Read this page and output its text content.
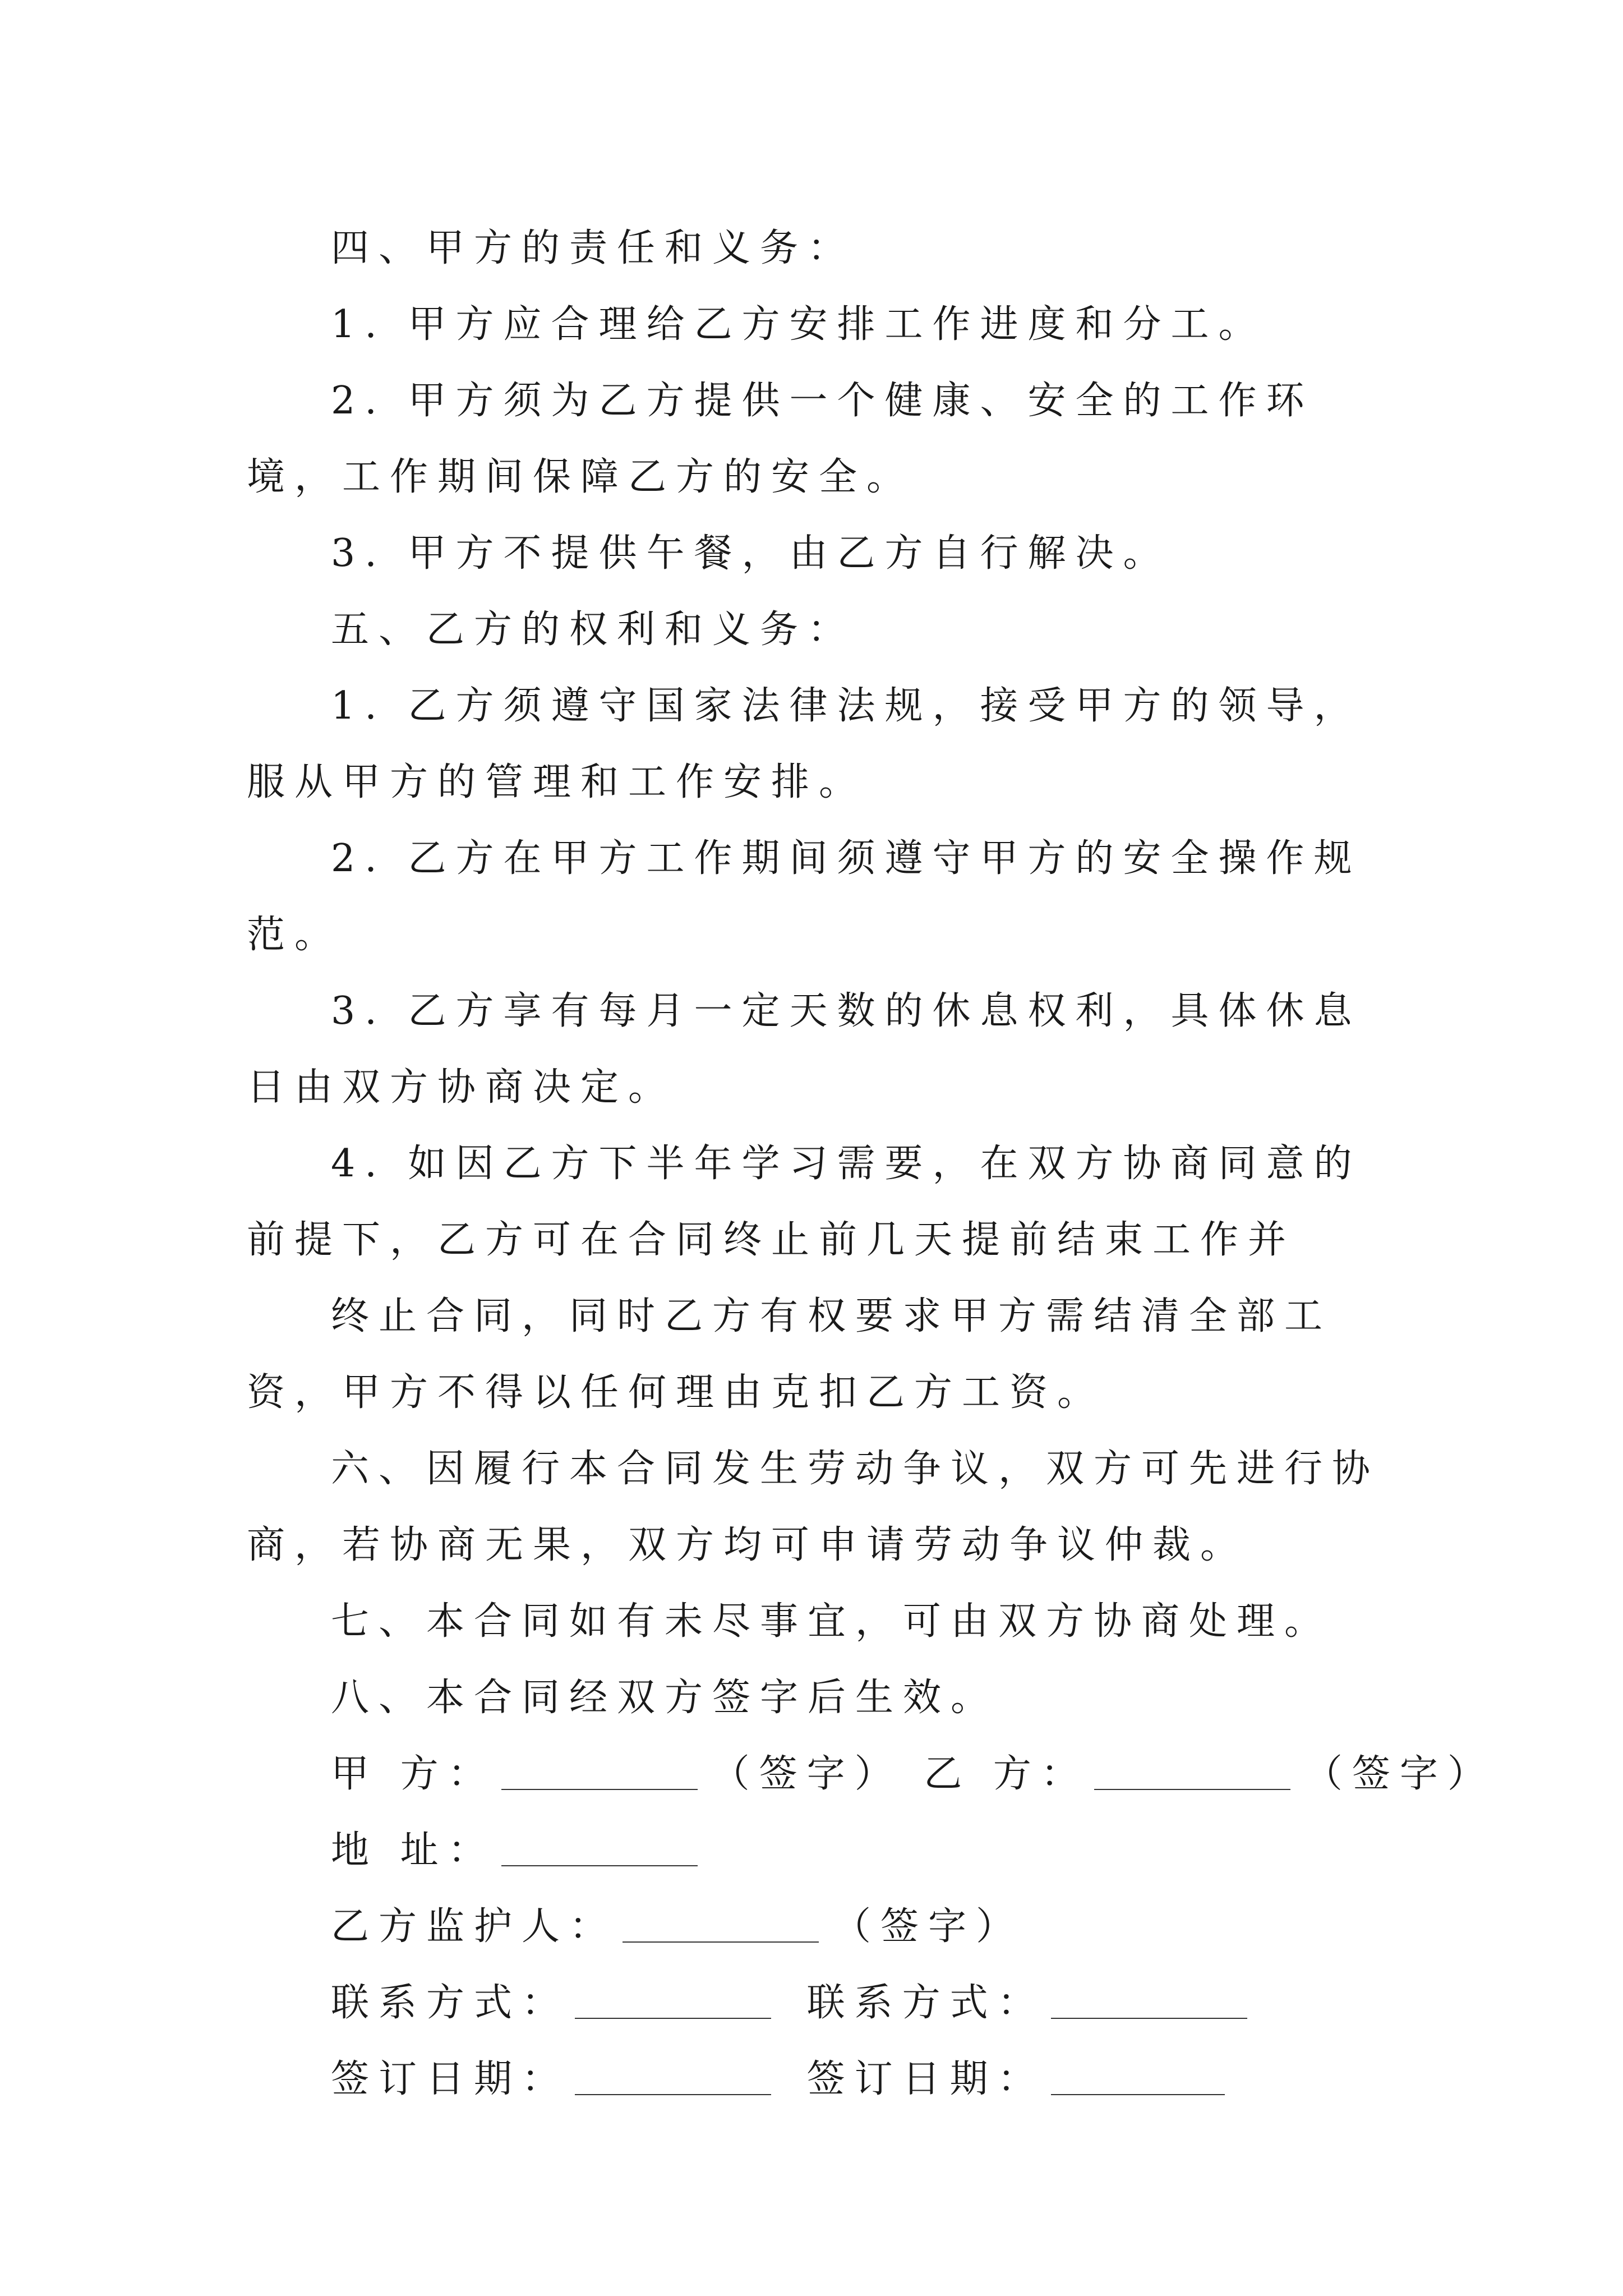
四、甲方的责任和义务：

1. 甲方应合理给乙方安排工作进度和分工。

2. 甲方须为乙方提供一个健康、安全的工作环境，工作期间保障乙方的安全。

3. 甲方不提供午餐，由乙方自行解决。

五、乙方的权利和义务：

1. 乙方须遵守国家法律法规，接受甲方的领导，服从甲方的管理和工作安排。

2. 乙方在甲方工作期间须遵守甲方的安全操作规范。

3. 乙方享有每月一定天数的休息权利，具体休息日由双方协商决定。

4. 如因乙方下半年学习需要，在双方协商同意的前提下，乙方可在合同终止前几天提前结束工作并

终止合同，同时乙方有权要求甲方需结清全部工资，甲方不得以任何理由克扣乙方工资。

六、因履行本合同发生劳动争议，双方可先进行协商，若协商无果，双方均可申请劳动争议仲裁。

七、本合同如有未尽事宜，可由双方协商处理。

八、本合同经双方签字后生效。

甲 方：	（签字） 乙 方：	（签字）
地 址：
乙方监护人：	（签字）
联系方式：	联系方式：
签订日期：	签订日期：
